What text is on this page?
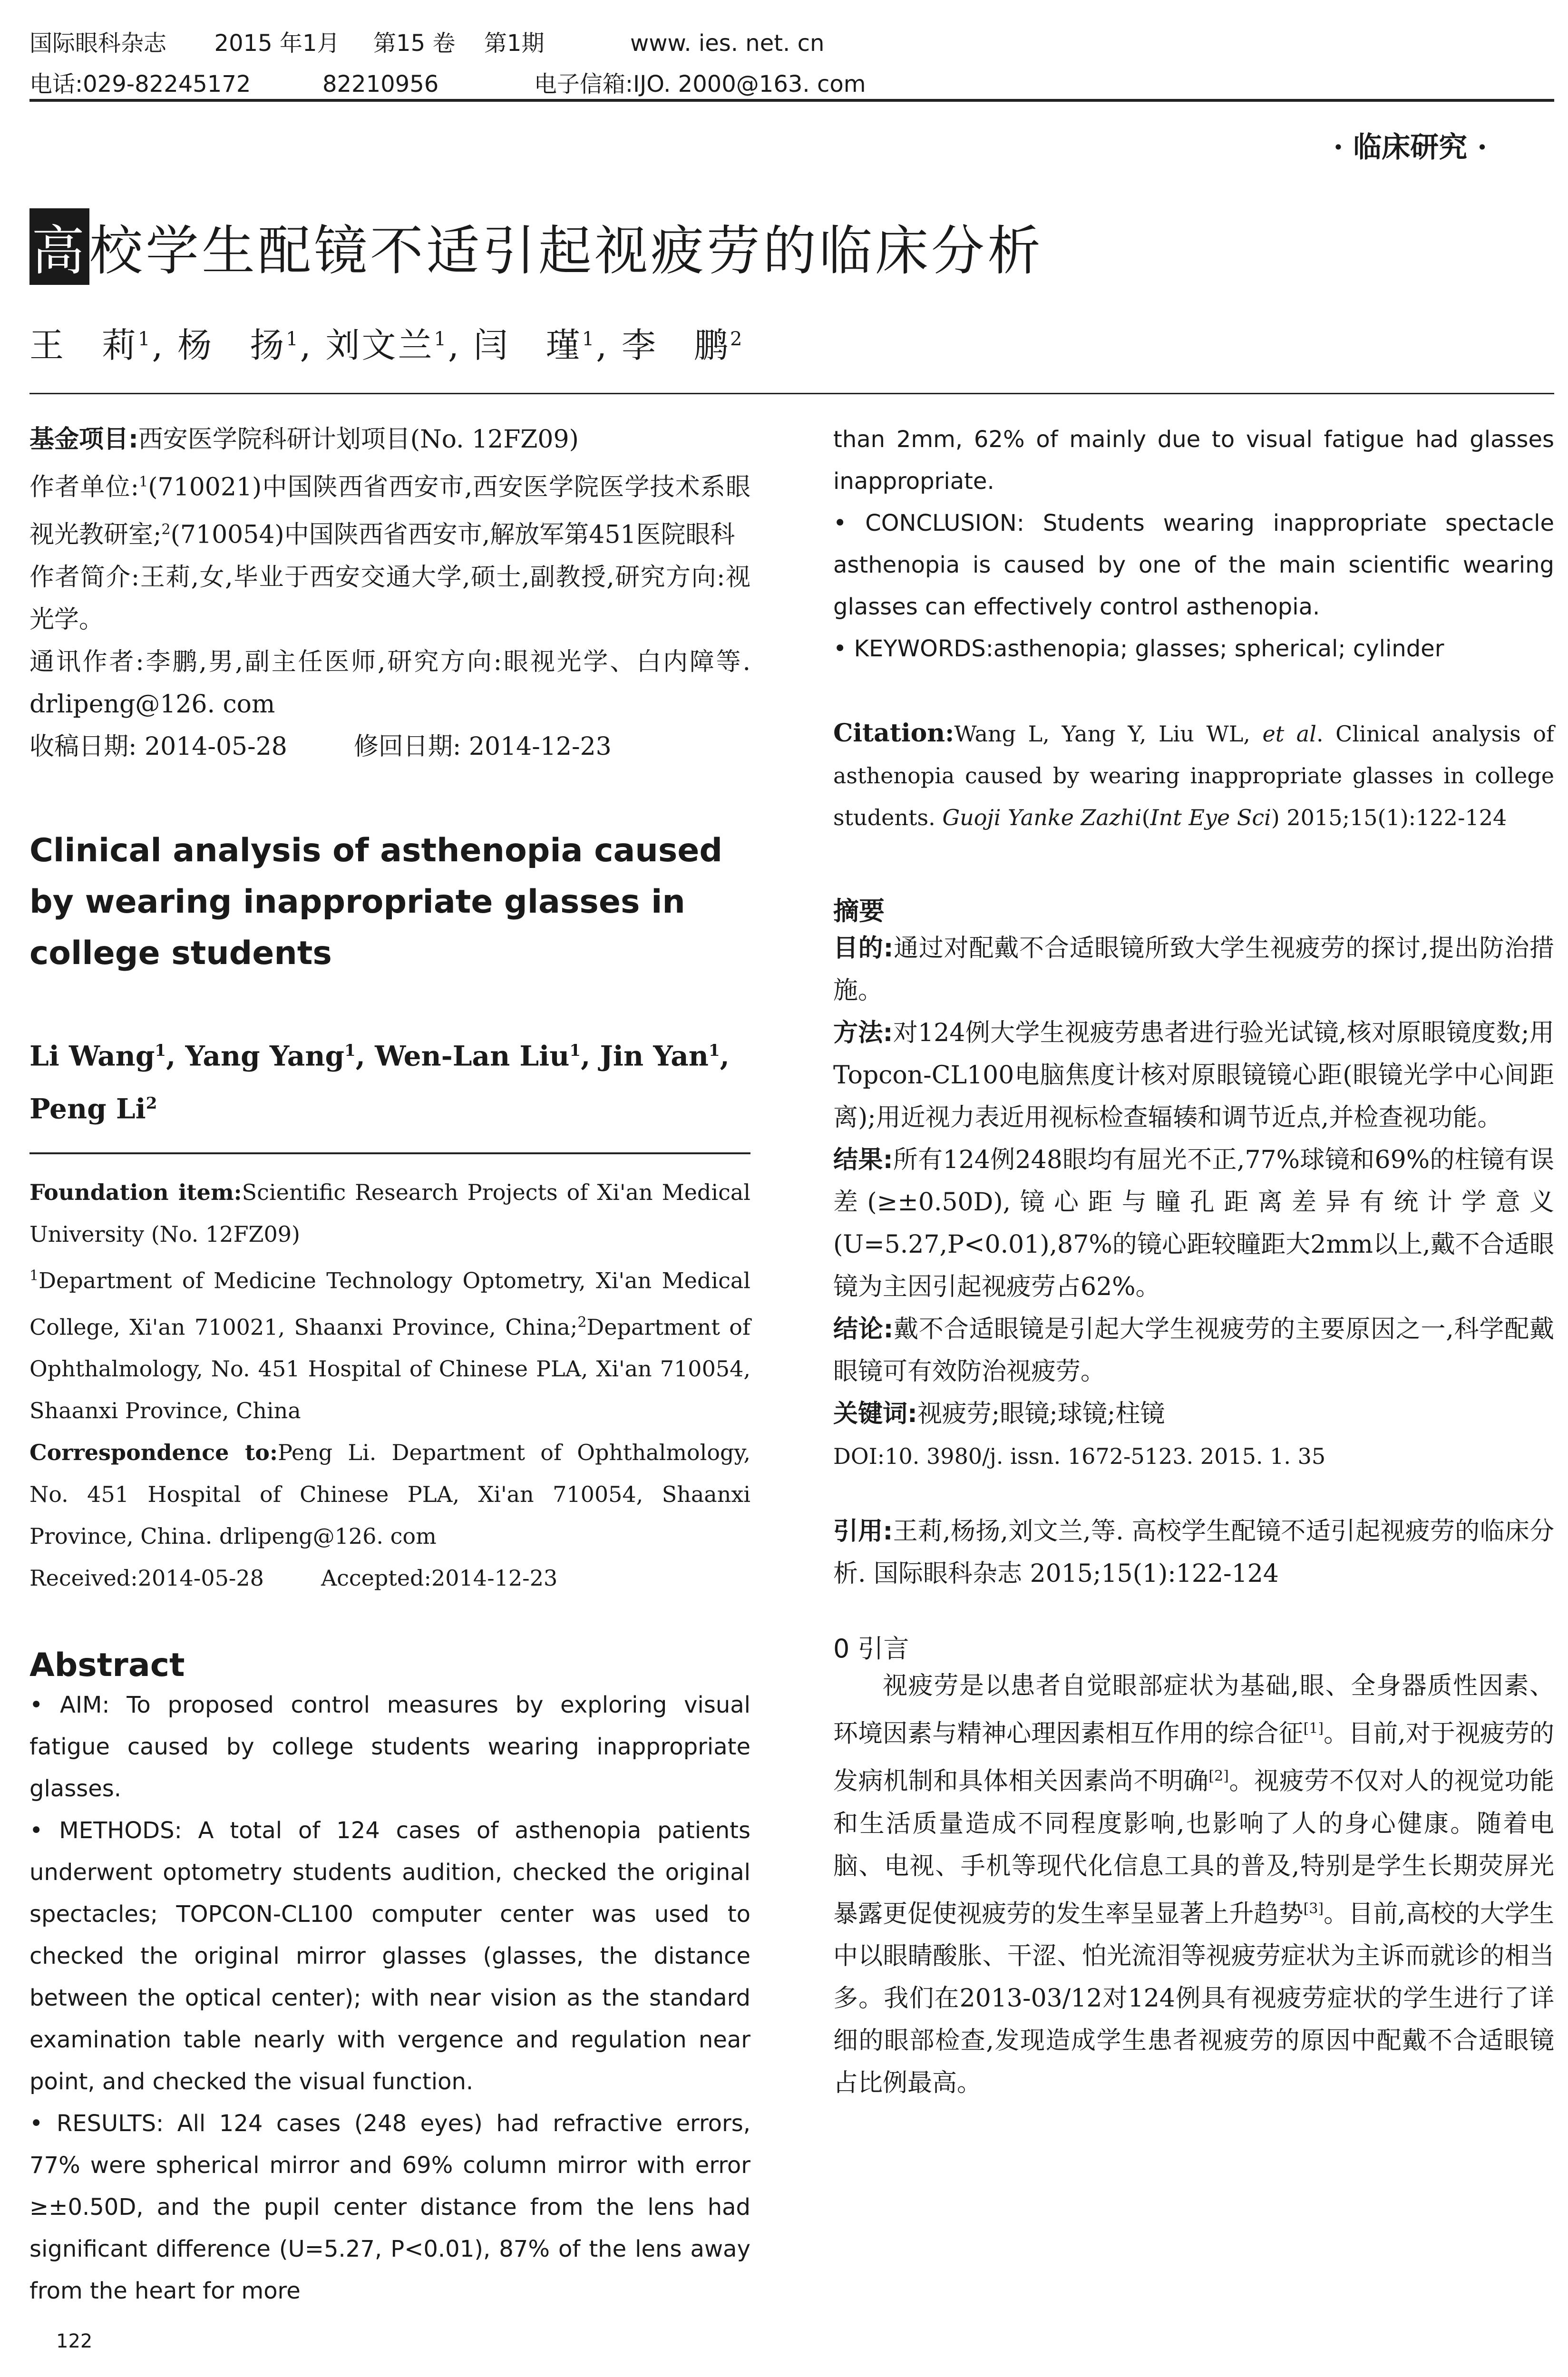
国际眼科杂志 2015 年1月 第15 卷 第1期	www. ies. net. cn
电话:029-82245172	82210956	电子信箱:IJO. 2000@163. com
· 临床研究 ·
高校学生配镜不适引起视疲劳的临床分析
王　莉$^1$, 杨　扬$^1$, 刘文兰$^1$, 闫　瑾$^1$, 李　鹏$^2$

基金项目:西安医学院科研计划项目(No. 12FZ09)

作者单位:$^1$(710021)中国陕西省西安市,西安医学院医学技术系眼视光教研室;$^2$(710054)中国陕西省西安市,解放军第451医院眼科

作者简介:王莉,女,毕业于西安交通大学,硕士,副教授,研究方向:视光学。

通讯作者:李鹏,男,副主任医师,研究方向:眼视光学、白内障等. drlipeng@126. com

收稿日期: 2014-05-28	修回日期: 2014-12-23

Clinical analysis of asthenopia caused by wearing inappropriate glasses in college students

Li Wang$^1$, Yang Yang$^1$, Wen-Lan Liu$^1$, Jin Yan$^1$, Peng Li$^2$

Foundation item:Scientific Research Projects of Xi'an Medical University (No. 12FZ09)

$^1$Department of Medicine Technology Optometry, Xi'an Medical College, Xi'an 710021, Shaanxi Province, China;$^2$Department of Ophthalmology, No. 451 Hospital of Chinese PLA, Xi'an 710054, Shaanxi Province, China

Correspondence to:Peng Li. Department of Ophthalmology, No. 451 Hospital of Chinese PLA, Xi'an 710054, Shaanxi Province, China. drlipeng@126. com

Received:2014-05-28	Accepted:2014-12-23

Abstract

• AIM: To proposed control measures by exploring visual fatigue caused by college students wearing inappropriate glasses.

• METHODS: A total of 124 cases of asthenopia patients underwent optometry students audition, checked the original spectacles; TOPCON-CL100 computer center was used to checked the original mirror glasses (glasses, the distance between the optical center); with near vision as the standard examination table nearly with vergence and regulation near point, and checked the visual function.

• RESULTS: All 124 cases (248 eyes) had refractive errors, 77% were spherical mirror and 69% column mirror with error ≥±0.50D, and the pupil center distance from the lens had significant difference (U=5.27, P<0.01), 87% of the lens away from the heart for more

122

than 2mm, 62% of mainly due to visual fatigue had glasses inappropriate.

• CONCLUSION: Students wearing inappropriate spectacle asthenopia is caused by one of the main scientific wearing glasses can effectively control asthenopia.

• KEYWORDS:asthenopia; glasses; spherical; cylinder

Citation:Wang L, Yang Y, Liu WL, et al. Clinical analysis of asthenopia caused by wearing inappropriate glasses in college students. Guoji Yanke Zazhi(Int Eye Sci) 2015;15(1):122-124

摘要

目的:通过对配戴不合适眼镜所致大学生视疲劳的探讨,提出防治措施。

方法:对124例大学生视疲劳患者进行验光试镜,核对原眼镜度数;用Topcon-CL100电脑焦度计核对原眼镜镜心距(眼镜光学中心间距离);用近视力表近用视标检查辐辏和调节近点,并检查视功能。

结果:所有124例248眼均有屈光不正,77%球镜和69%的柱镜有误差(≥±0.50D),镜心距与瞳孔距离差异有统计学意义(U=5.27,P<0.01),87%的镜心距较瞳距大2mm以上,戴不合适眼镜为主因引起视疲劳占62%。

结论:戴不合适眼镜是引起大学生视疲劳的主要原因之一,科学配戴眼镜可有效防治视疲劳。

关键词:视疲劳;眼镜;球镜;柱镜

DOI:10. 3980/j. issn. 1672-5123. 2015. 1. 35

引用:王莉,杨扬,刘文兰,等. 高校学生配镜不适引起视疲劳的临床分析. 国际眼科杂志 2015;15(1):122-124

0 引言

视疲劳是以患者自觉眼部症状为基础,眼、全身器质性因素、环境因素与精神心理因素相互作用的综合征[1]。目前,对于视疲劳的发病机制和具体相关因素尚不明确[2]。视疲劳不仅对人的视觉功能和生活质量造成不同程度影响,也影响了人的身心健康。随着电脑、电视、手机等现代化信息工具的普及,特别是学生长期荧屏光暴露更促使视疲劳的发生率呈显著上升趋势[3]。目前,高校的大学生中以眼睛酸胀、干涩、怕光流泪等视疲劳症状为主诉而就诊的相当多。我们在2013-03/12对124例具有视疲劳症状的学生进行了详细的眼部检查,发现造成学生患者视疲劳的原因中配戴不合适眼镜占比例最高。
